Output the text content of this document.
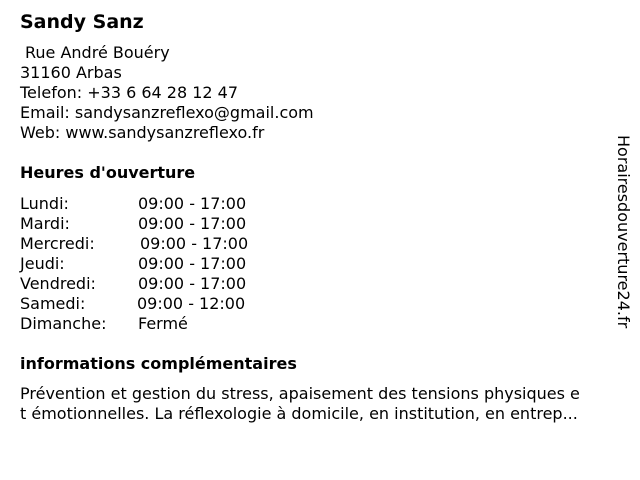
Sandy Sanz
Rue André Bouéry
31160 Arbas
Telefon: +33 6 64 28 12 47
Email: sandysanzreflexo@gmail.com
Web: www.sandysanzreflexo.fr
Heures d'ouverture
Lundi:	09:00 - 17:00
Mardi:	09:00 - 17:00
Mercredi:	09:00 - 17:00
Jeudi:	09:00 - 17:00
Vendredi:	09:00 - 17:00
Samedi:	09:00 - 12:00
Dimanche: Fermé
informations complémentaires
Prévention et gestion du stress, apaisement des tensions physiques e
t émotionnelles. La réflexologie à domicile, en institution, en entrep...
Horairesdouverture24.fr
